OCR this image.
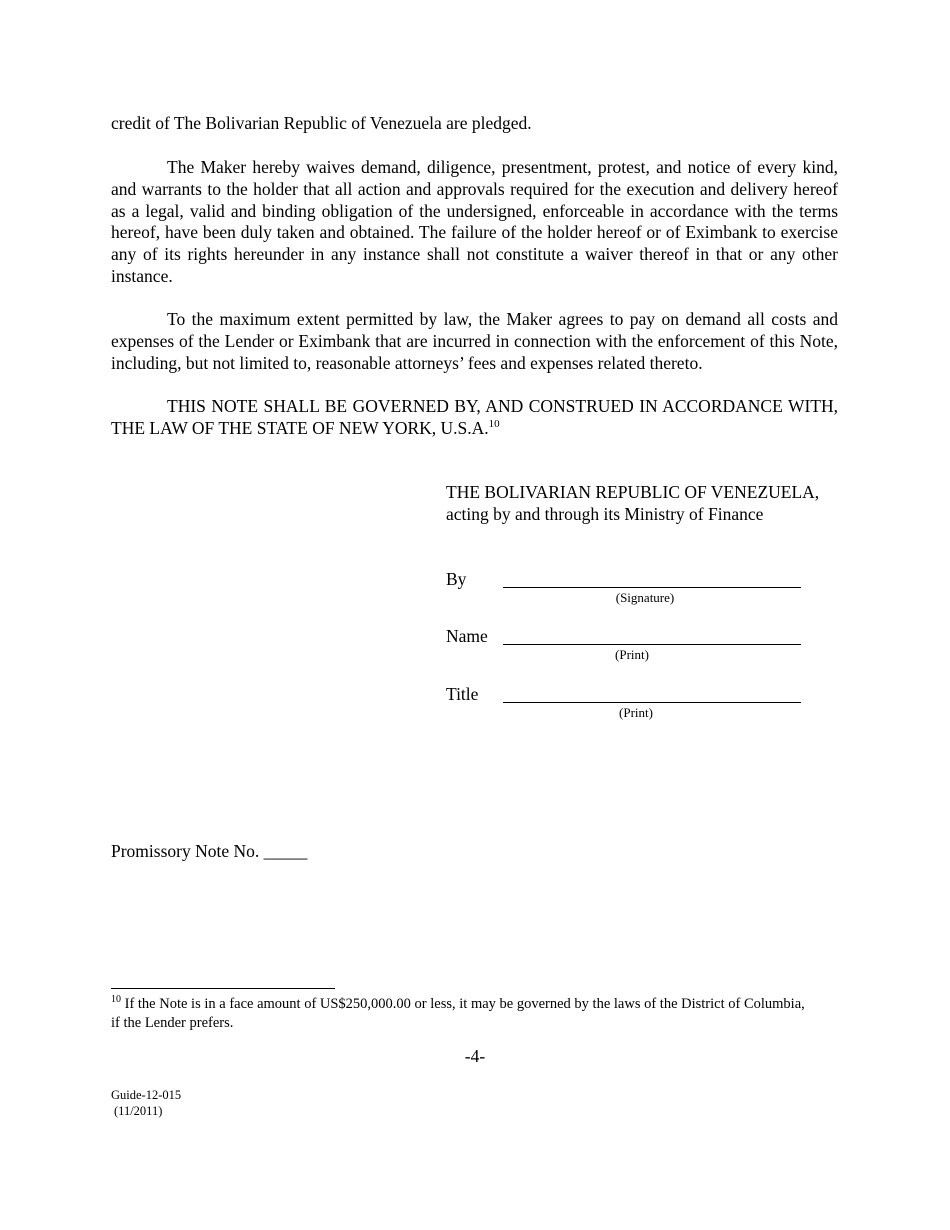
credit of The Bolivarian Republic of Venezuela are pledged.

The Maker hereby waives demand, diligence, presentment, protest, and notice of every kind, and warrants to the holder that all action and approvals required for the execution and delivery hereof as a legal, valid and binding obligation of the undersigned, enforceable in accordance with the terms hereof, have been duly taken and obtained. The failure of the holder hereof or of Eximbank to exercise any of its rights hereunder in any instance shall not constitute a waiver thereof in that or any other instance.

To the maximum extent permitted by law, the Maker agrees to pay on demand all costs and expenses of the Lender or Eximbank that are incurred in connection with the enforcement of this Note, including, but not limited to, reasonable attorneys’ fees and expenses related thereto.

THIS NOTE SHALL BE GOVERNED BY, AND CONSTRUED IN ACCORDANCE WITH, THE LAW OF THE STATE OF NEW YORK, U.S.A.$^{10}$

THE BOLIVARIAN REPUBLIC OF VENEZUELA,
acting by and through its Ministry of Finance
By
(Signature)
Name
(Print)
Title
(Print)
Promissory Note No. _____
$^{10}$ If the Note is in a face amount of US$250,000.00 or less, it may be governed by the laws of the District of Columbia, if the Lender prefers.
-4-
Guide-12-015
(11/2011)
